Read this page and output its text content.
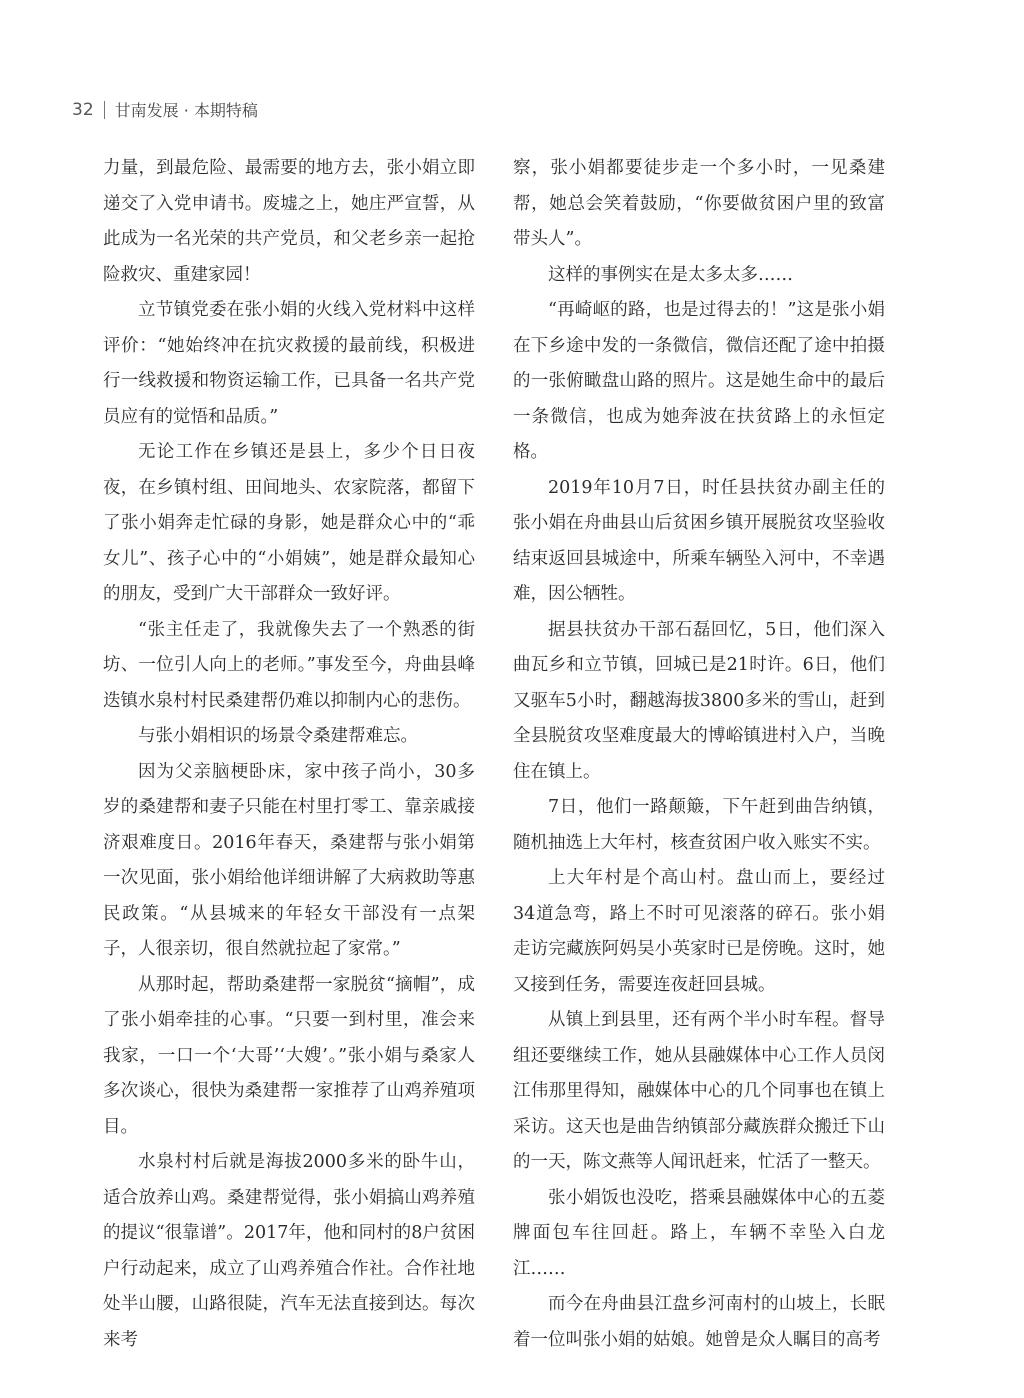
32 甘南发展 · 本期特稿

力量，到最危险、最需要的地方去，张小娟立即递交了入党申请书。废墟之上，她庄严宣誓，从此成为一名光荣的共产党员，和父老乡亲一起抢险救灾、重建家园！

立节镇党委在张小娟的火线入党材料中这样评价：“她始终冲在抗灾救援的最前线，积极进行一线救援和物资运输工作，已具备一名共产党员应有的觉悟和品质。”

无论工作在乡镇还是县上，多少个日日夜夜，在乡镇村组、田间地头、农家院落，都留下了张小娟奔走忙碌的身影，她是群众心中的“乖女儿”、孩子心中的“小娟姨”，她是群众最知心的朋友，受到广大干部群众一致好评。

“张主任走了，我就像失去了一个熟悉的街坊、一位引人向上的老师。”事发至今，舟曲县峰迭镇水泉村村民桑建帮仍难以抑制内心的悲伤。

与张小娟相识的场景令桑建帮难忘。

因为父亲脑梗卧床，家中孩子尚小，30多岁的桑建帮和妻子只能在村里打零工、靠亲戚接济艰难度日。2016年春天，桑建帮与张小娟第一次见面，张小娟给他详细讲解了大病救助等惠民政策。“从县城来的年轻女干部没有一点架子，人很亲切，很自然就拉起了家常。”

从那时起，帮助桑建帮一家脱贫“摘帽”，成了张小娟牵挂的心事。“只要一到村里，准会来我家，一口一个‘大哥’‘大嫂’。”张小娟与桑家人多次谈心，很快为桑建帮一家推荐了山鸡养殖项目。

水泉村村后就是海拔2000多米的卧牛山，适合放养山鸡。桑建帮觉得，张小娟搞山鸡养殖的提议“很靠谱”。2017年，他和同村的8户贫困户行动起来，成立了山鸡养殖合作社。合作社地处半山腰，山路很陡，汽车无法直接到达。每次来考

察，张小娟都要徒步走一个多小时，一见桑建帮，她总会笑着鼓励，“你要做贫困户里的致富带头人”。

这样的事例实在是太多太多……

“再崎岖的路，也是过得去的！”这是张小娟在下乡途中发的一条微信，微信还配了途中拍摄的一张俯瞰盘山路的照片。这是她生命中的最后一条微信，也成为她奔波在扶贫路上的永恒定格。

2019年10月7日，时任县扶贫办副主任的张小娟在舟曲县山后贫困乡镇开展脱贫攻坚验收结束返回县城途中，所乘车辆坠入河中，不幸遇难，因公牺牲。

据县扶贫办干部石磊回忆，5日，他们深入曲瓦乡和立节镇，回城已是21时许。6日，他们又驱车5小时，翻越海拔3800多米的雪山，赶到全县脱贫攻坚难度最大的博峪镇进村入户，当晚住在镇上。

7日，他们一路颠簸，下午赶到曲告纳镇，随机抽选上大年村，核查贫困户收入账实不实。

上大年村是个高山村。盘山而上，要经过34道急弯，路上不时可见滚落的碎石。张小娟走访完藏族阿妈吴小英家时已是傍晚。这时，她又接到任务，需要连夜赶回县城。

从镇上到县里，还有两个半小时车程。督导组还要继续工作，她从县融媒体中心工作人员闵江伟那里得知，融媒体中心的几个同事也在镇上采访。这天也是曲告纳镇部分藏族群众搬迁下山的一天，陈文燕等人闻讯赶来，忙活了一整天。

张小娟饭也没吃，搭乘县融媒体中心的五菱牌面包车往回赶。路上，车辆不幸坠入白龙江……

而今在舟曲县江盘乡河南村的山坡上，长眠着一位叫张小娟的姑娘。她曾是众人瞩目的高考
